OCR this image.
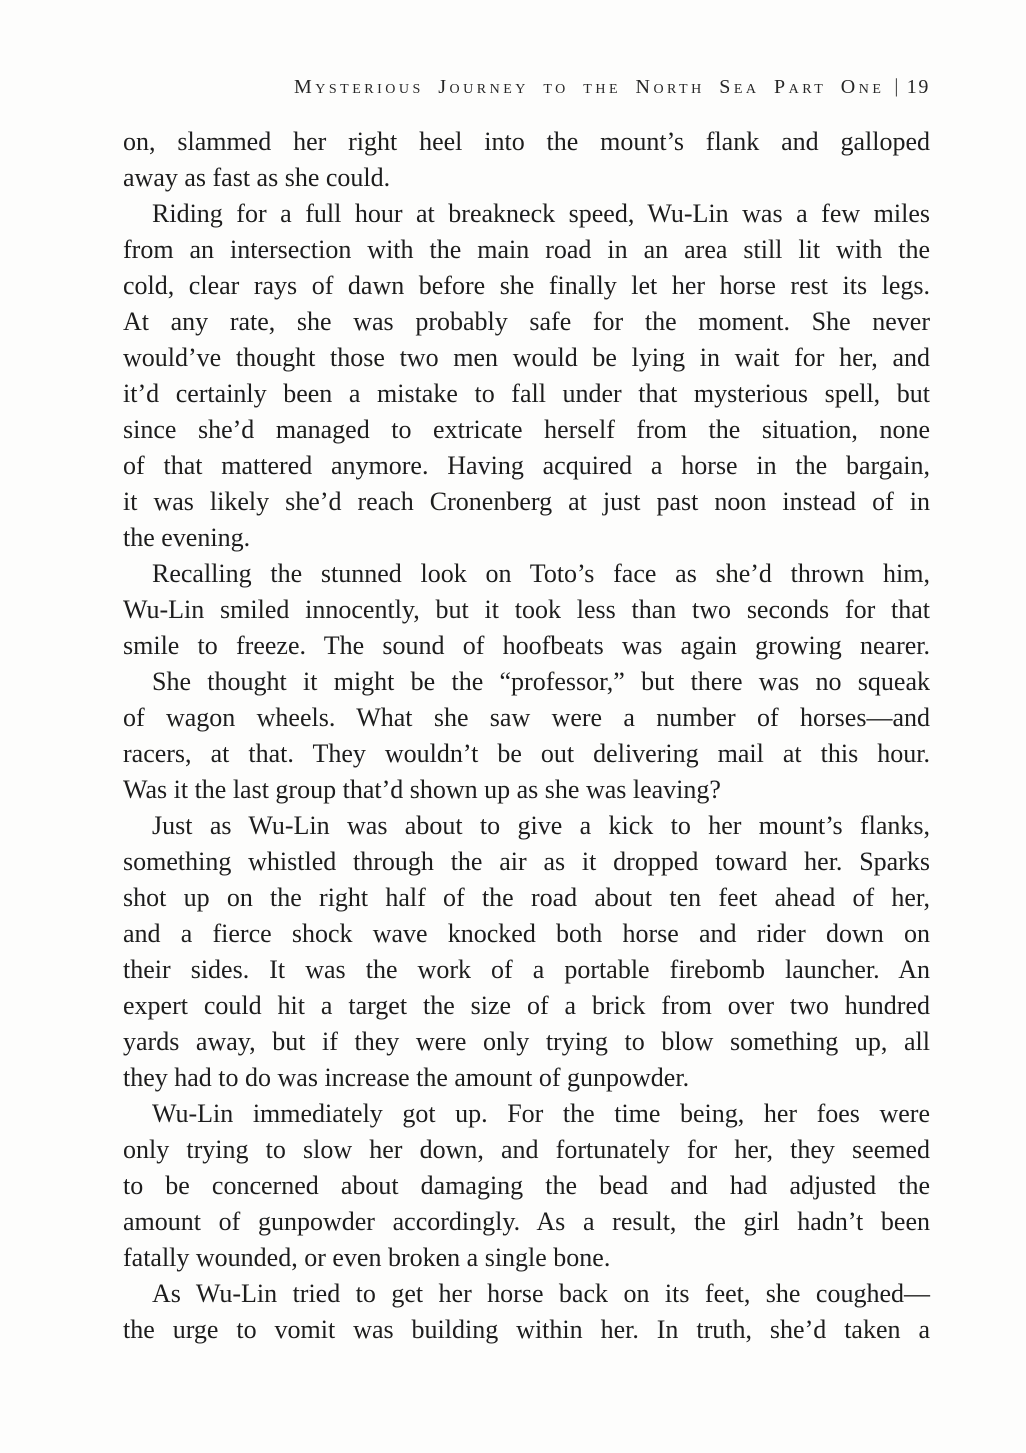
Mysterious Journey to the North Sea Part One | 19
on, slammed her right heel into the mount’s flank and galloped
away as fast as she could.
Riding for a full hour at breakneck speed, Wu-Lin was a few miles
from an intersection with the main road in an area still lit with the
cold, clear rays of dawn before she finally let her horse rest its legs.
At any rate, she was probably safe for the moment. She never
would’ve thought those two men would be lying in wait for her, and
it’d certainly been a mistake to fall under that mysterious spell, but
since she’d managed to extricate herself from the situation, none
of that mattered anymore. Having acquired a horse in the bargain,
it was likely she’d reach Cronenberg at just past noon instead of in
the evening.
Recalling the stunned look on Toto’s face as she’d thrown him,
Wu-Lin smiled innocently, but it took less than two seconds for that
smile to freeze. The sound of hoofbeats was again growing nearer.
She thought it might be the “professor,” but there was no squeak
of wagon wheels. What she saw were a number of horses—and
racers, at that. They wouldn’t be out delivering mail at this hour.
Was it the last group that’d shown up as she was leaving?
Just as Wu-Lin was about to give a kick to her mount’s flanks,
something whistled through the air as it dropped toward her. Sparks
shot up on the right half of the road about ten feet ahead of her,
and a fierce shock wave knocked both horse and rider down on
their sides. It was the work of a portable firebomb launcher. An
expert could hit a target the size of a brick from over two hundred
yards away, but if they were only trying to blow something up, all
they had to do was increase the amount of gunpowder.
Wu-Lin immediately got up. For the time being, her foes were
only trying to slow her down, and fortunately for her, they seemed
to be concerned about damaging the bead and had adjusted the
amount of gunpowder accordingly. As a result, the girl hadn’t been
fatally wounded, or even broken a single bone.
As Wu-Lin tried to get her horse back on its feet, she coughed—
the urge to vomit was building within her. In truth, she’d taken a
